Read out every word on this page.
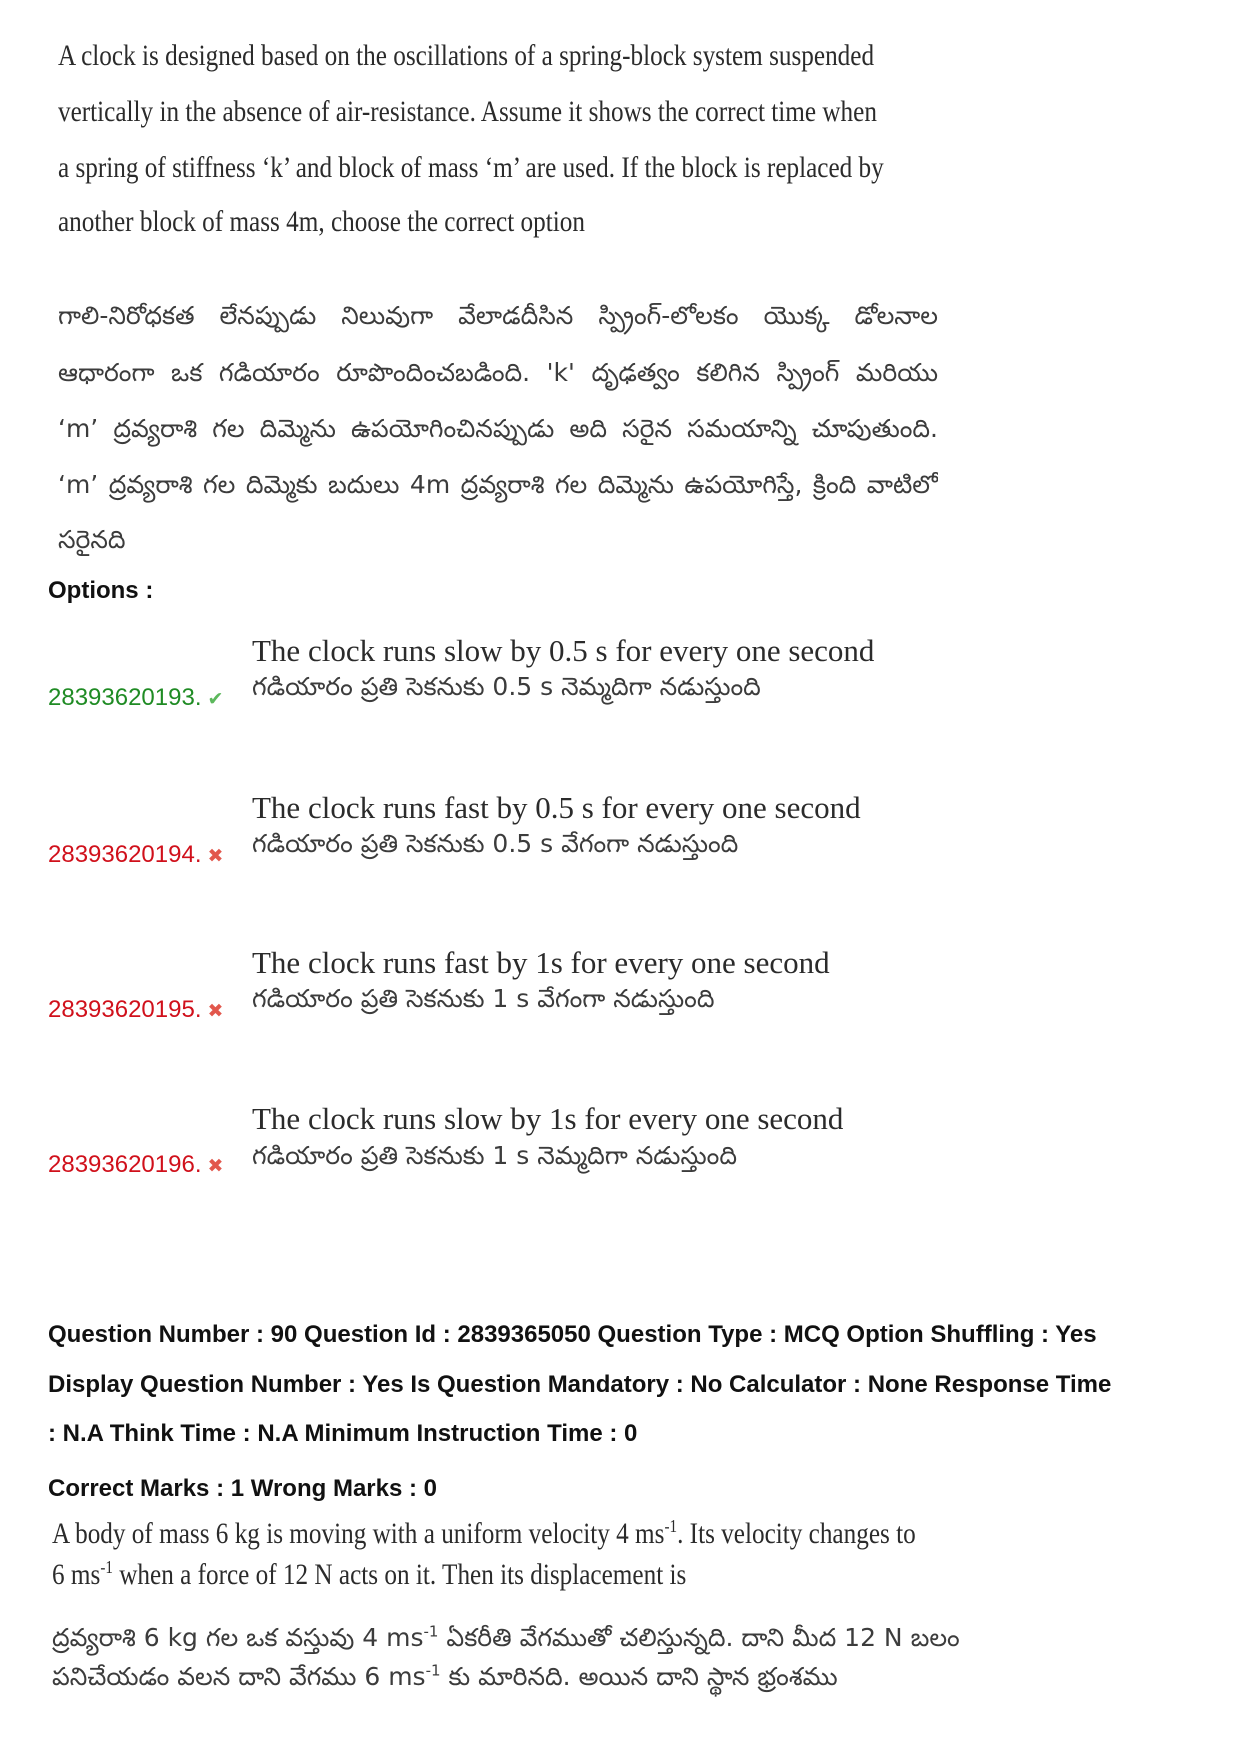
A clock is designed based on the oscillations of a spring-block system suspended
vertically in the absence of air-resistance. Assume it shows the correct time when
a spring of stiffness ‘k’ and block of mass ‘m’ are used. If the block is replaced by
another block of mass 4m, choose the correct option
గాలి-నిరోధకత లేనప్పుడు నిలువుగా వేలాడదీసిన స్ప్రింగ్-లోలకం యొక్క డోలనాల
ఆధారంగా ఒక గడియారం రూపొందించబడింది. 'k' దృఢత్వం కలిగిన స్ప్రింగ్ మరియు
‘m’ ద్రవ్యరాశి గల దిమ్మెను ఉపయోగించినప్పుడు అది సరైన సమయాన్ని చూపుతుంది.
‘m’ ద్రవ్యరాశి గల దిమ్మెకు బదులు 4m ద్రవ్యరాశి గల దిమ్మెను ఉపయోగిస్తే, క్రింది వాటిలో
సరైనది
Options :
The clock runs slow by 0.5 s for every one second
గడియారం ప్రతి సెకనుకు 0.5 s నెమ్మదిగా నడుస్తుంది
28393620193.✔
The clock runs fast by 0.5 s for every one second
గడియారం ప్రతి సెకనుకు 0.5 s వేగంగా నడుస్తుంది
28393620194.✖
The clock runs fast by 1s for every one second
గడియారం ప్రతి సెకనుకు 1 s వేగంగా నడుస్తుంది
28393620195.✖
The clock runs slow by 1s for every one second
గడియారం ప్రతి సెకనుకు 1 s నెమ్మదిగా నడుస్తుంది
28393620196.✖
Question Number : 90 Question Id : 2839365050 Question Type : MCQ Option Shuffling : Yes
Display Question Number : Yes Is Question Mandatory : No Calculator : None Response Time
: N.A Think Time : N.A Minimum Instruction Time : 0
Correct Marks : 1 Wrong Marks : 0
A body of mass 6 kg is moving with a uniform velocity 4 $ms^{-1}$. Its velocity changes to
6 $ms^{-1}$ when a force of 12 N acts on it. Then its displacement is
ద్రవ్యరాశి 6 kg గల ఒక వస్తువు 4 $ms^{-1}$ ఏకరీతి వేగముతో చలిస్తున్నది. దాని మీద 12 N బలం
పనిచేయడం వలన దాని వేగము 6 $ms^{-1}$ కు మారినది. అయిన దాని స్థాన భ్రంశము
